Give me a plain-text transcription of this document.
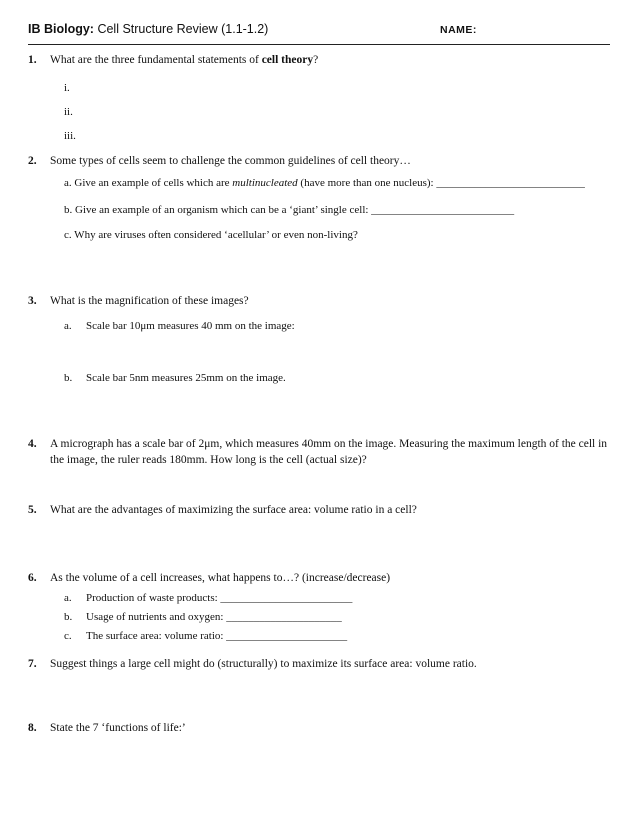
IB Biology: Cell Structure Review (1.1-1.2)	NAME:
1.	What are the three fundamental statements of cell theory?
i.
ii.
iii.
2.	Some types of cells seem to challenge the common guidelines of cell theory…
a. Give an example of cells which are multinucleated (have more than one nucleus): ___________________________
b. Give an example of an organism which can be a ‘giant’ single cell: __________________________
c. Why are viruses often considered ‘acellular’ or even non-living?
3.	What is the magnification of these images?
a. Scale bar 10μm measures 40 mm on the image:
b. Scale bar 5nm measures 25mm on the image.
4.	A micrograph has a scale bar of 2μm, which measures 40mm on the image. Measuring the maximum length of the cell in the image, the ruler reads 180mm. How long is the cell (actual size)?
5.	What are the advantages of maximizing the surface area: volume ratio in a cell?
6.	As the volume of a cell increases, what happens to…? (increase/decrease)
a. Production of waste products: ________________________
b. Usage of nutrients and oxygen: _____________________
c. The surface area: volume ratio: ______________________
7.	Suggest things a large cell might do (structurally) to maximize its surface area: volume ratio.
8.	State the 7 ‘functions of life:’
